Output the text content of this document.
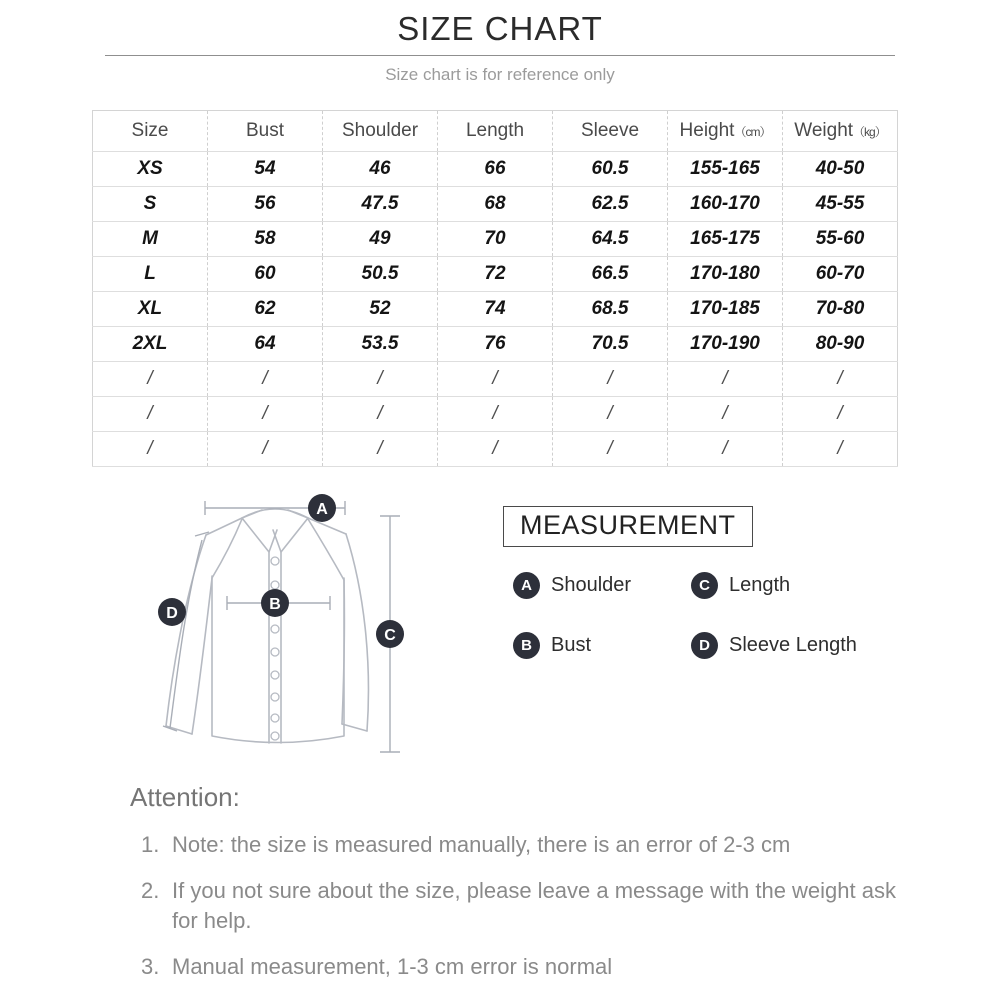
SIZE CHART
Size chart is for reference only
Size	Bust	Shoulder	Length	Sleeve	Height（cm）	Weight（kg）
XS	54	46	66	60.5	155-165	40-50
S	56	47.5	68	62.5	160-170	45-55
M	58	49	70	64.5	165-175	55-60
L	60	50.5	72	66.5	170-180	60-70
XL	62	52	74	68.5	170-185	70-80
2XL	64	53.5	76	70.5	170-190	80-90
/	/	/	/	/	/	/
/	/	/	/	/	/	/
/	/	/	/	/	/	/
A
B
C
D
MEASUREMENT
A Shoulder	C Length
B Bust	D Sleeve Length
Attention:
1. Note: the size is measured manually, there is an error of 2-3 cm
2. If you not sure about the size, please leave a message with the weight ask for help.
3. Manual measurement, 1-3 cm error is normal
